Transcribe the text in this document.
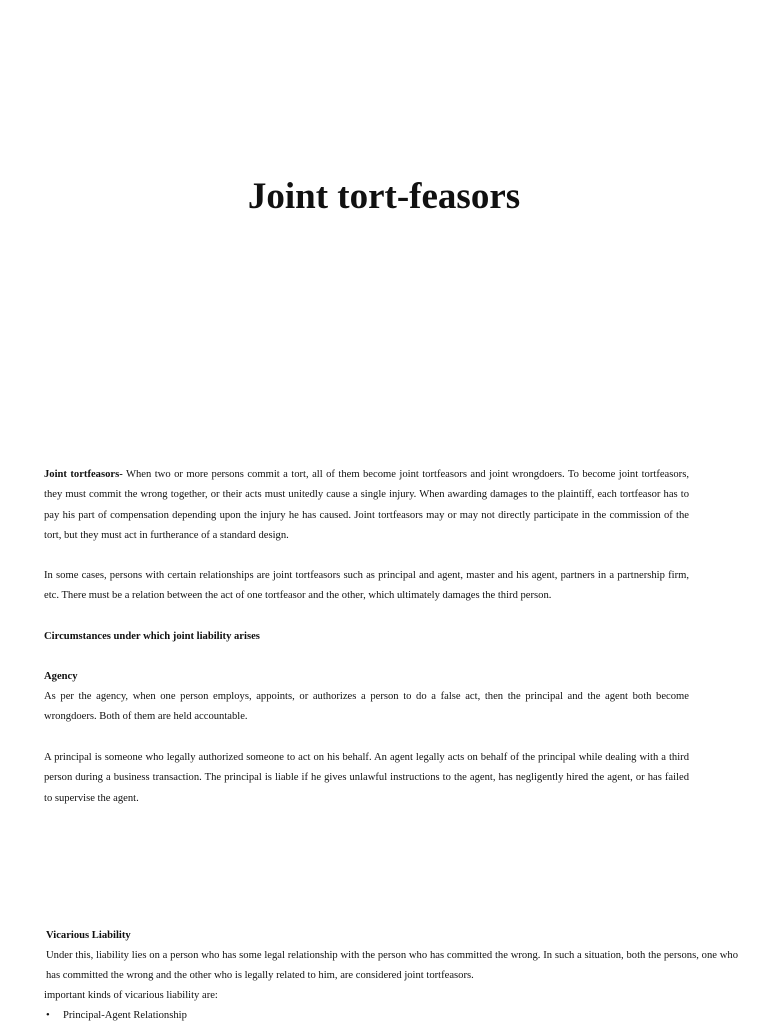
Joint tort-feasors

Joint tortfeasors- When two or more persons commit a tort, all of them become joint tortfeasors and joint wrongdoers. To become joint tortfeasors, they must commit the wrong together, or their acts must unitedly cause a single injury. When awarding damages to the plaintiff, each tortfeasor has to pay his part of compensation depending upon the injury he has caused. Joint tortfeasors may or may not directly participate in the commission of the tort, but they must act in furtherance of a standard design.

In some cases, persons with certain relationships are joint tortfeasors such as principal and agent, master and his agent, partners in a partnership firm, etc. There must be a relation between the act of one tortfeasor and the other, which ultimately damages the third person.

Circumstances under which joint liability arises

Agency

As per the agency, when one person employs, appoints, or authorizes a person to do a false act, then the principal and the agent both become wrongdoers. Both of them are held accountable.

A principal is someone who legally authorized someone to act on his behalf. An agent legally acts on behalf of the principal while dealing with a third person during a business transaction. The principal is liable if he gives unlawful instructions to the agent, has negligently hired the agent, or has failed to supervise the agent.

Vicarious Liability

Under this, liability lies on a person who has some legal relationship with the person who has committed the wrong. In such a situation, both the persons, one who has committed the wrong and the other who is legally related to him, are considered joint tortfeasors.

important kinds of vicarious liability are:

• Principal-Agent Relationship
